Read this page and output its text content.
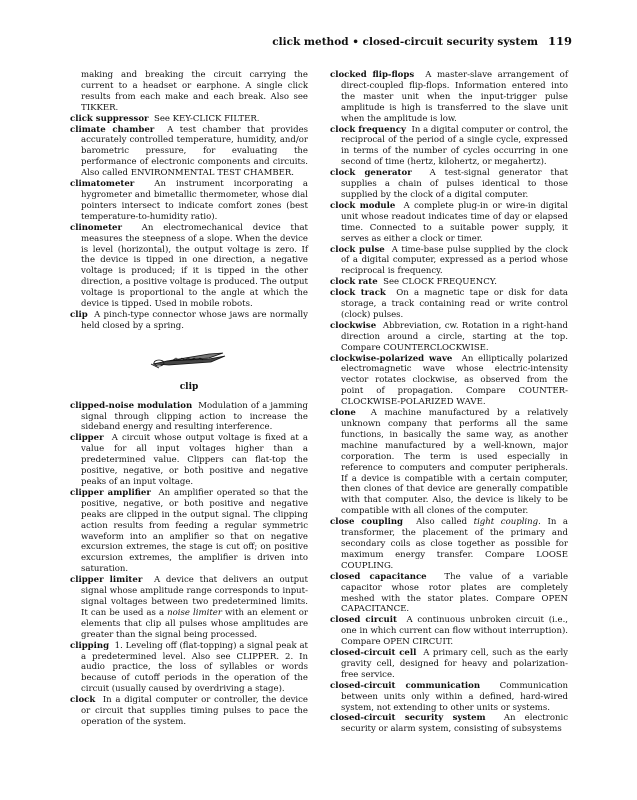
click method • closed-circuit security system 119

making and breaking the circuit carrying the current to a headset or earphone. A single click results from each make and each break. Also see TIKKER.

click suppressor See KEY-CLICK FILTER.

climate chamber A test chamber that provides accurately controlled temperature, humidity, and/or barometric pressure, for evaluating the performance of electronic components and circuits. Also called ENVIRONMENTAL TEST CHAMBER.

climatometer An instrument incorporating a hygrometer and bimetallic thermometer, whose dial pointers intersect to indicate comfort zones (best temperature-to-humidity ratio).

clinometer An electromechanical device that measures the steepness of a slope. When the device is level (horizontal), the output voltage is zero. If the device is tipped in one direction, a negative voltage is produced; if it is tipped in the other direction, a positive voltage is produced. The output voltage is proportional to the angle at which the device is tipped. Used in mobile robots.

clip A pinch-type connector whose jaws are normally held closed by a spring.

clip

clipped-noise modulation Modulation of a jamming signal through clipping action to increase the sideband energy and resulting interference.

clipper A circuit whose output voltage is fixed at a value for all input voltages higher than a predetermined value. Clippers can flat-top the positive, negative, or both positive and negative peaks of an input voltage.

clipper amplifier An amplifier operated so that the positive, negative, or both positive and negative peaks are clipped in the output signal. The clipping action results from feeding a regular symmetric waveform into an amplifier so that on negative excursion extremes, the stage is cut off; on positive excursion extremes, the amplifier is driven into saturation.

clipper limiter A device that delivers an output signal whose amplitude range corresponds to input-signal voltages between two predetermined limits. It can be used as a noise limiter with an element or elements that clip all pulses whose amplitudes are greater than the signal being processed.

clipping 1. Leveling off (flat-topping) a signal peak at a predetermined level. Also see CLIPPER. 2. In audio practice, the loss of syllables or words because of cutoff periods in the operation of the circuit (usually caused by overdriving a stage).

clock In a digital computer or controller, the device or circuit that supplies timing pulses to pace the operation of the system.

clocked flip-flops A master-slave arrangement of direct-coupled flip-flops. Information entered into the master unit when the input-trigger pulse amplitude is high is transferred to the slave unit when the amplitude is low.

clock frequency In a digital computer or control, the reciprocal of the period of a single cycle, expressed in terms of the number of cycles occurring in one second of time (hertz, kilohertz, or megahertz).

clock generator A test-signal generator that supplies a chain of pulses identical to those supplied by the clock of a digital computer.

clock module A complete plug-in or wire-in digital unit whose readout indicates time of day or elapsed time. Connected to a suitable power supply, it serves as either a clock or timer.

clock pulse A time-base pulse supplied by the clock of a digital computer, expressed as a period whose reciprocal is frequency.

clock rate See CLOCK FREQUENCY.

clock track On a magnetic tape or disk for data storage, a track containing read or write control (clock) pulses.

clockwise Abbreviation, cw. Rotation in a right-hand direction around a circle, starting at the top. Compare COUNTERCLOCKWISE.

clockwise-polarized wave An elliptically polarized electromagnetic wave whose electric-intensity vector rotates clockwise, as observed from the point of propagation. Compare COUNTER-CLOCKWISE-POLARIZED WAVE.

clone A machine manufactured by a relatively unknown company that performs all the same functions, in basically the same way, as another machine manufactured by a well-known, major corporation. The term is used especially in reference to computers and computer peripherals. If a device is compatible with a certain computer, then clones of that device are generally compatible with that computer. Also, the device is likely to be compatible with all clones of the computer.

close coupling Also called tight coupling. In a transformer, the placement of the primary and secondary coils as close together as possible for maximum energy transfer. Compare LOOSE COUPLING.

closed capacitance The value of a variable capacitor whose rotor plates are completely meshed with the stator plates. Compare OPEN CAPACITANCE.

closed circuit A continuous unbroken circuit (i.e., one in which current can flow without interruption). Compare OPEN CIRCUIT.

closed-circuit cell A primary cell, such as the early gravity cell, designed for heavy and polarization-free service.

closed-circuit communication Communication between units only within a defined, hard-wired system, not extending to other units or systems.

closed-circuit security system An electronic security or alarm system, consisting of subsystems
